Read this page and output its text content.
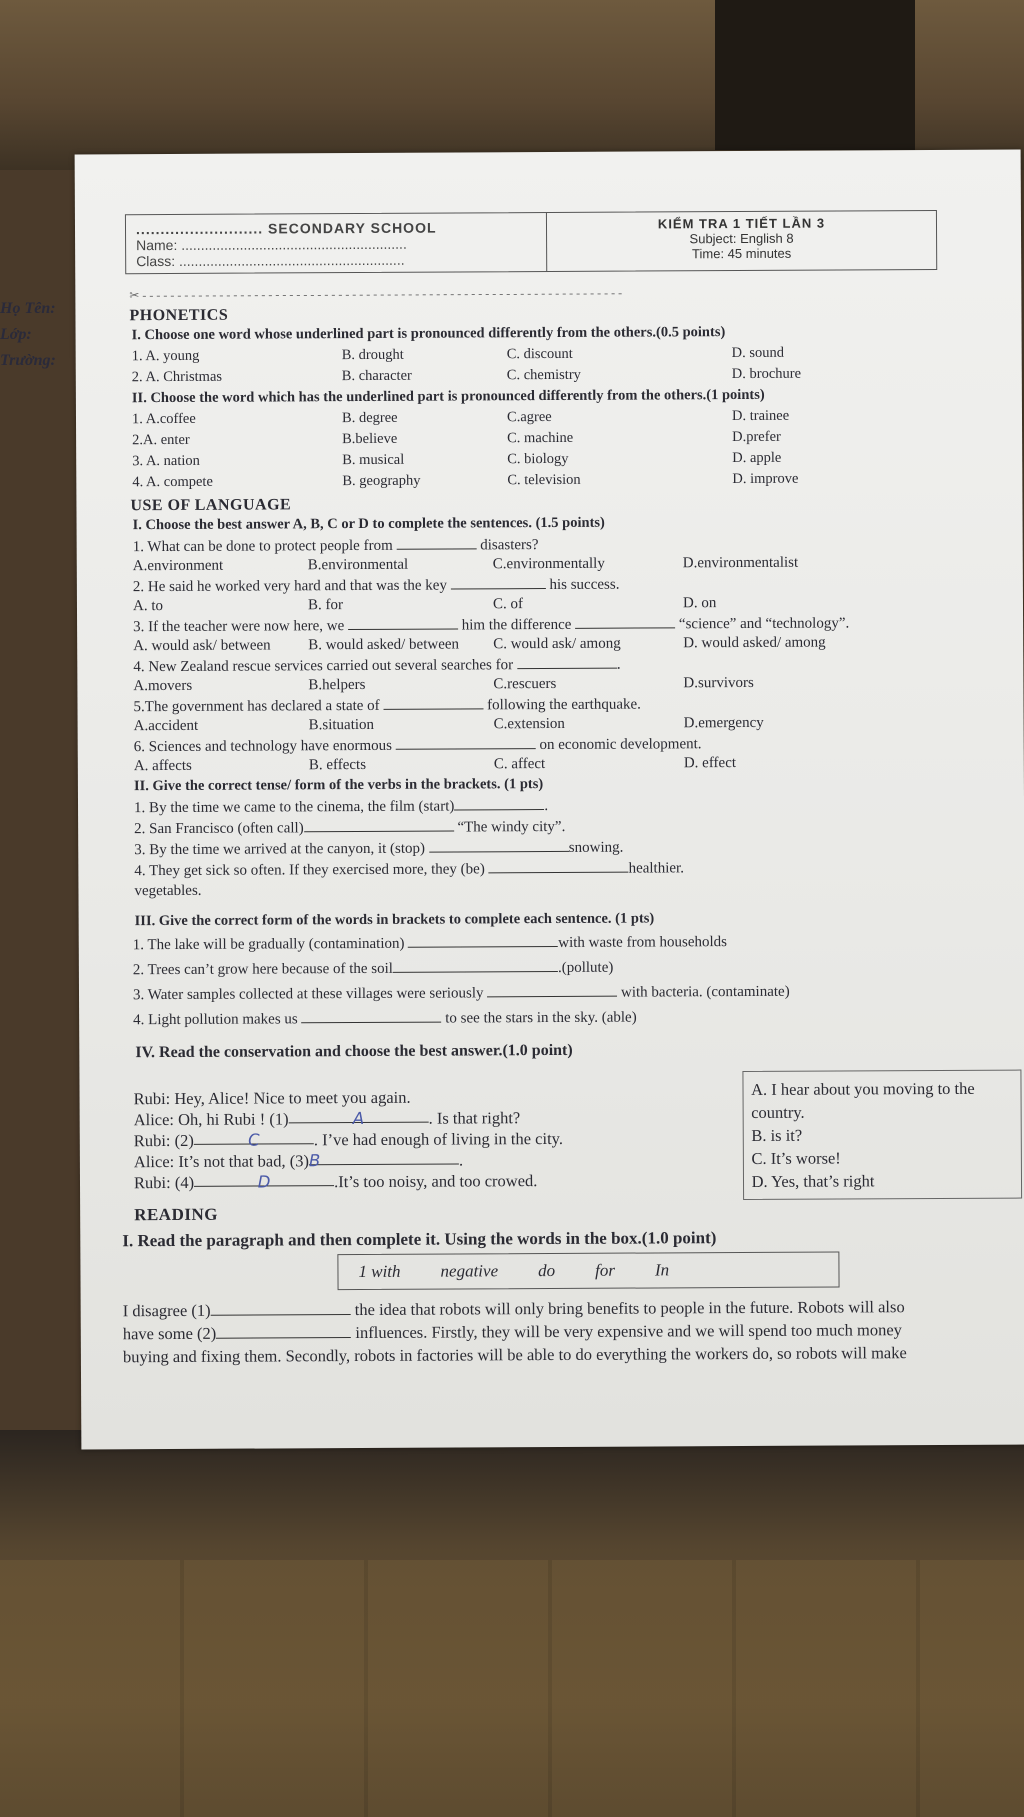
Họ Tên:
Lớp:
Trường:
.......................... SECONDARY SCHOOL
Name: ..........................................................
Class: ..........................................................
KIỂM TRA 1 TIẾT LẦN 3
Subject: English 8
Time: 45 minutes
✂ - - - - - - - - - - - - - - - - - - - - - - - - - - - - - - - - - - - - - - - - - - - - - - - - - - - - - - - - - - - - - - - - - - - - -
PHONETICS
I. Choose one word whose underlined part is pronounced differently from the others.(0.5 points)
1. A. young	B. drought	C. discount	D. sound
2. A. Christmas	B. character	C. chemistry	D. brochure
II. Choose the word which has the underlined part is pronounced differently from the others.(1 points)
1. A.coffee	B. degree	C.agree	D. trainee
2.A. enter	B.believe	C. machine	D.prefer
3. A. nation	B. musical	C. biology	D. apple
4. A. compete	B. geography	C. television	D. improve
USE OF LANGUAGE
I. Choose the best answer A, B, C or D to complete the sentences. (1.5 points)
1. What can be done to protect people from	disasters?
A.environment	B.environmental	C.environmentally	D.environmentalist
2. He said he worked very hard and that was the key	his success.
A. to	B. for	C. of	D. on
3. If the teacher were now here, we	him the difference	“science” and “technology”.
A. would ask/ between	B. would asked/ between	C. would ask/ among	D. would asked/ among
4. New Zealand rescue services carried out several searches for	.
A.movers	B.helpers	C.rescuers	D.survivors
5.The government has declared a state of	following the earthquake.
A.accident	B.situation	C.extension	D.emergency
6. Sciences and technology have enormous	on economic development.
A. affects	B. effects	C. affect	D. effect
II. Give the correct tense/ form of the verbs in the brackets. (1 pts)
1. By the time we came to the cinema, the film (start)	.
2. San Francisco (often call)	“The windy city”.
3. By the time we arrived at the canyon, it (stop)	snowing.
4. They get sick so often. If they exercised more, they (be)	healthier.
vegetables.
III. Give the correct form of the words in brackets to complete each sentence. (1 pts)
1. The lake will be gradually (contamination)	with waste from households
2. Trees can’t grow here because of the soil	.(pollute)
3. Water samples collected at these villages were seriously	with bacteria. (contaminate)
4. Light pollution makes us	to see the stars in the sky. (able)
IV. Read the conservation and choose the best answer.(1.0 point)
Rubi: Hey, Alice! Nice to meet you again.
Alice: Oh, hi Rubi ! (1)	A	. Is that right?
Rubi: (2)	C	. I’ve had enough of living in the city.
Alice: It’s not that bad, (3)B	.
Rubi: (4)	D	.It’s too noisy, and too crowed.
A. I hear about you moving to the country.
B. is it?
C. It’s worse!
D. Yes, that’s right
READING
I. Read the paragraph and then complete it. Using the words in the box.(1.0 point)
1 with	negative	do	for	In
I disagree (1)	the idea that robots will only bring benefits to people in the future. Robots will also
have some (2)	influences. Firstly, they will be very expensive and we will spend too much money
buying and fixing them. Secondly, robots in factories will be able to do everything the workers do, so robots will make
